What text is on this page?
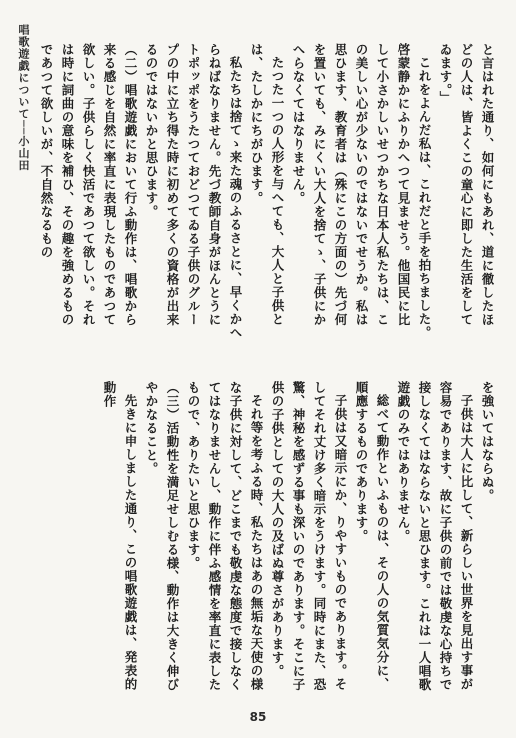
唱歌遊戯について──小山田	と言はれた通り、如何にもあれ、道に徹したほどの人は、皆よくこの童心に即した生活をしてゐます。」
これをよんだ私は、これだと手を拍ちました。啓蒙静かにふりかへつて見ませう。他国民に比して小さかしいせつかちな日本人私たちは、この美しい心が少ないのではないでせうか。私は思ひます、教育者は（殊にこの方面の）先づ何を置いても、みにくい大人を捨てゝ、子供にかへらなくてはなりません。
たつた一つの人形を与へても、大人と子供とは、たしかにちがひます。
私たちは捨てゝ来た魂のふるさとに、早くかへらねばなりません。先づ教師自身がほんとうにトポッポをうたつておどつてゐる子供のグループの中に立ち得た時に初めて多くの資格が出来るのではないかと思ひます。
（二）唱歌遊戯において行ふ動作は、唱歌から来る感じを自然に率直に表現したものであつて欲しい。子供らしく快活であつて欲しい。それは時に詞曲の意味を補ひ、その趣を強めるものであつて欲しいが、不自然なるもの
を強いてはならぬ。
子供は大人に比して、新らしい世界を見出す事が容易であります、故に子供の前では敬虔な心持ちで接しなくてはならないと思ひます。これは一人唱歌遊戯のみではありません。
総べて動作といふものは、その人の気質気分に、順應するものであります。
子供は又暗示にか、りやすいものであります。そしてそれ丈け多く暗示をうけます。同時にまた、恐驚、神秘を感ずる事も深いのであります。そこに子供の子供としての大人の及ばぬ尊さがあります。
それ等を考ふる時、私たちはあの無垢な天使の様な子供に対して、どこまでも敬虔な態度で接しなくてはなりませんし、動作に伴ふ感情を率直に表したもので、ありたいと思ひます。
（三）活動性を満足せしむる様、動作は大きく伸びやかなること。
先きに申しました通り、この唱歌遊戯は、発表的動作
85
